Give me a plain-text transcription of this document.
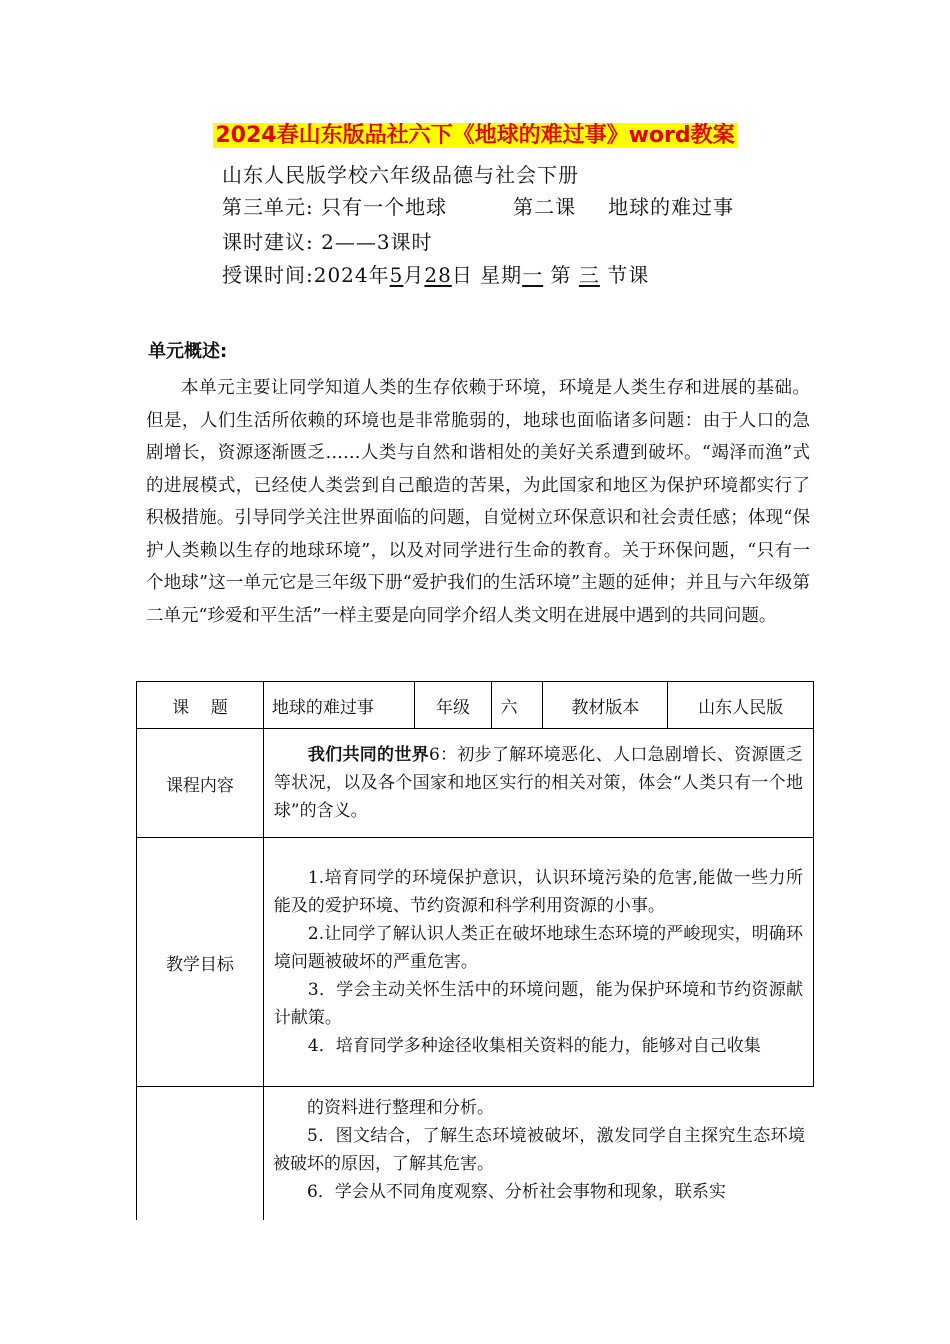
2024春山东版品社六下《地球的难过事》word教案
山东人民版学校六年级品德与社会下册
第三单元: 只有一个地球	第二课 地球的难过事
课时建议: 2——3课时
授课时间:2024年5月28日 星期一 第 三 节课
单元概述:
本单元主要让同学知道人类的生存依赖于环境，环境是人类生存和进展的基础。但是，人们生活所依赖的环境也是非常脆弱的，地球也面临诸多问题：由于人口的急剧增长，资源逐渐匮乏……人类与自然和谐相处的美好关系遭到破坏。“竭泽而渔”式的进展模式，已经使人类尝到自己酿造的苦果，为此国家和地区为保护环境都实行了积极措施。引导同学关注世界面临的问题，自觉树立环保意识和社会责任感；体现“保护人类赖以生存的地球环境”，以及对同学进行生命的教育。关于环保问题，“只有一个地球”这一单元它是三年级下册“爱护我们的生活环境”主题的延伸；并且与六年级第二单元“珍爱和平生活”一样主要是向同学介绍人类文明在进展中遇到的共同问题。
课    题	地球的难过事	年级	六	教材版本	山东人民版
课程内容	我们共同的世界6：初步了解环境恶化、人口急剧增长、资源匮乏等状况，以及各个国家和地区实行的相关对策，体会“人类只有一个地球”的含义。				

教学目标	1.培育同学的环境保护意识，认识环境污染的危害,能做一些力所能及的爱护环境、节约资源和科学利用资源的小事。

2.让同学了解认识人类正在破坏地球生态环境的严峻现实，明确环境问题被破坏的严重危害。

3．学会主动关怀生活中的环境问题，能为保护环境和节约资源献计献策。

4．培育同学多种途径收集相关资料的能力，能够对自己收集				

的资料进行整理和分析。

5．图文结合，了解生态环境被破坏，激发同学自主探究生态环境被破坏的原因，了解其危害。

6．学会从不同角度观察、分析社会事物和现象，联系实
